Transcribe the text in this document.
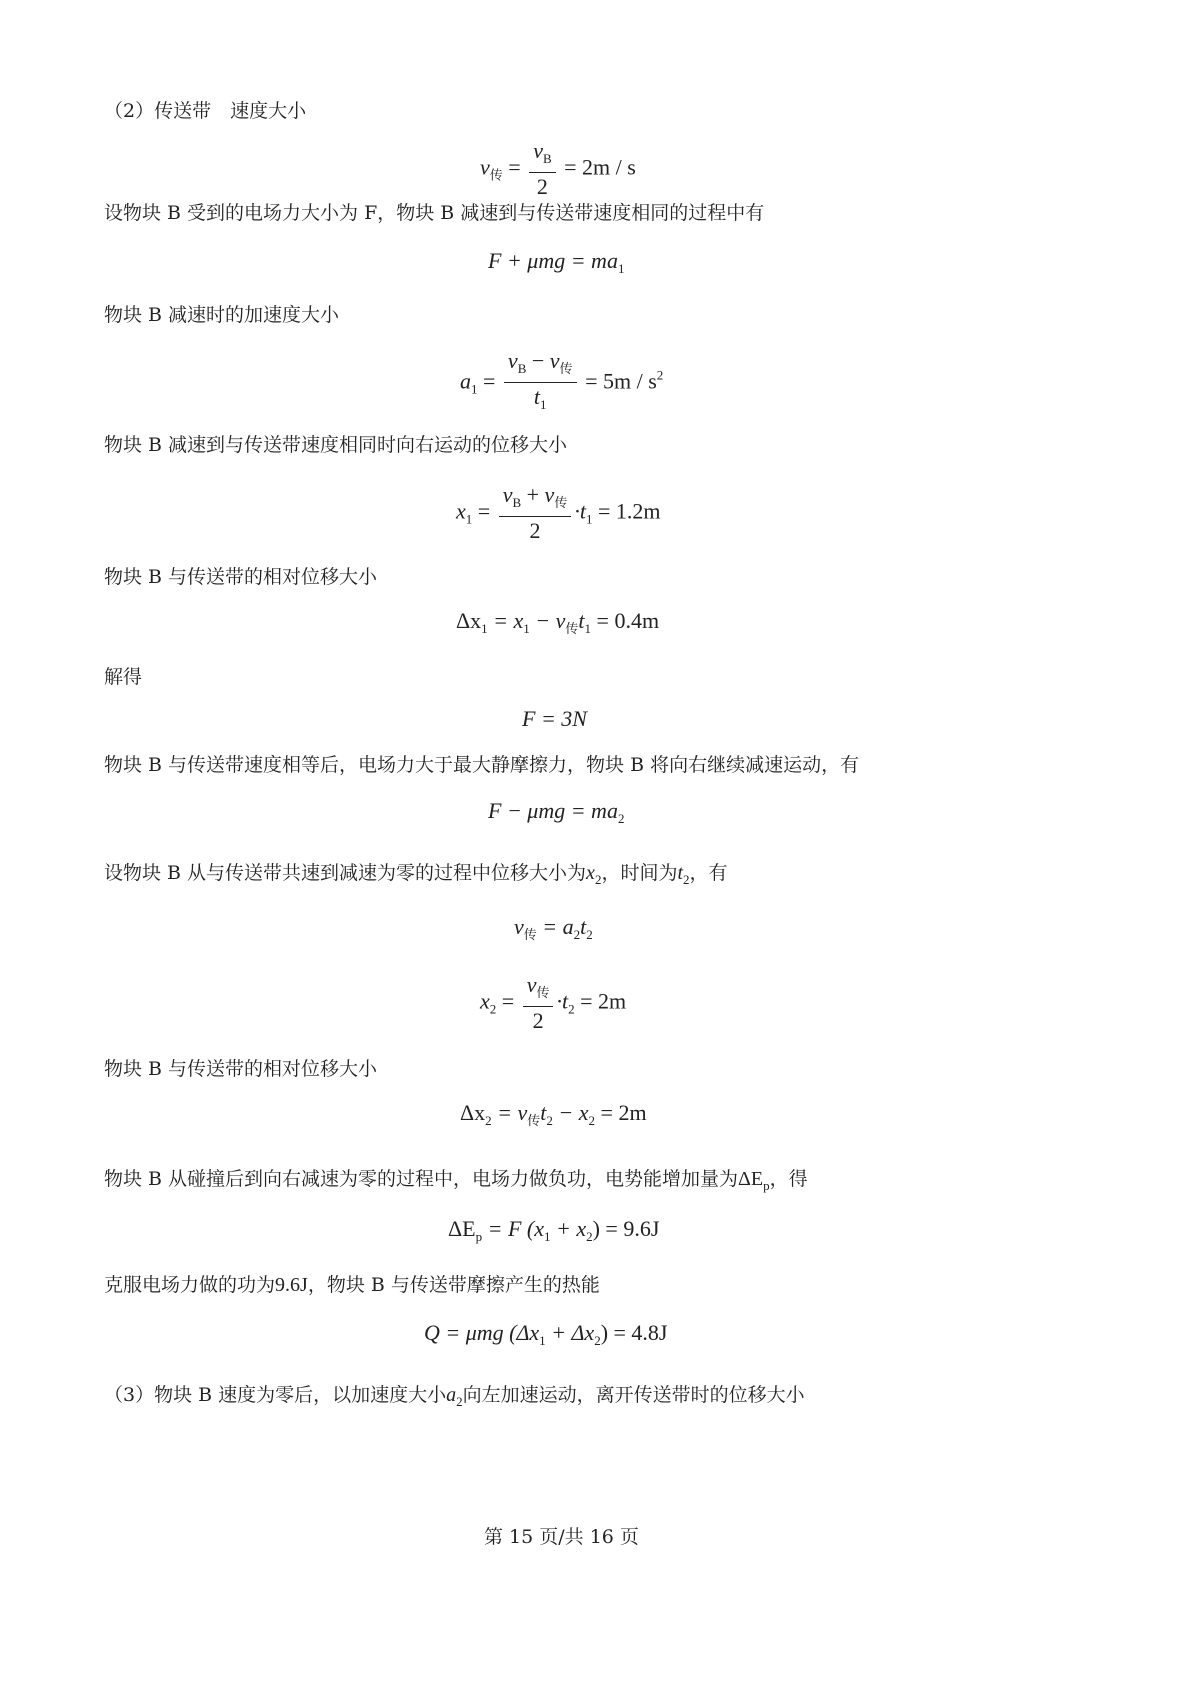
（2）传送带　速度大小
$v_传 = \frac{v_B}{2} = 2m / s$
设物块 B 受到的电场力大小为 F，物块 B 减速到与传送带速度相同的过程中有
$F + \mu mg = ma_1$
物块 B 减速时的加速度大小
$a_1 = \frac{v_B - v_传}{t_1} = 5m / s^2$
物块 B 减速到与传送带速度相同时向右运动的位移大小
$x_1 = \frac{v_B + v_传}{2} \cdot t_1 = 1.2m$
物块 B 与传送带的相对位移大小
$\Delta x_1 = x_1 - v_传t_1 = 0.4m$
解得
F = 3N
物块 B 与传送带速度相等后，电场力大于最大静摩擦力，物块 B 将向右继续减速运动，有
$F - \mu mg = ma_2$
设物块 B 从与传送带共速到减速为零的过程中位移大小为$x_2$，时间为$t_2$，有
$v_传 = a_2t_2$
$x_2 = \frac{v_传}{2} \cdot t_2 = 2m$
物块 B 与传送带的相对位移大小
$\Delta x_2 = v_传t_2 - x_2 = 2m$
物块 B 从碰撞后到向右减速为零的过程中，电场力做负功，电势能增加量为$\Delta E_p$，得
$\Delta E_p = F$ $(x_1 + x_2) = 9.6J$
克服电场力做的功为9.6J，物块 B 与传送带摩擦产生的热能
Q = μmg $(\Delta x_1 + \Delta x_2) = 4.8J$
（3）物块 B 速度为零后，以加速度大小$a_2$向左加速运动，离开传送带时的位移大小
第 15 页/共 16 页
